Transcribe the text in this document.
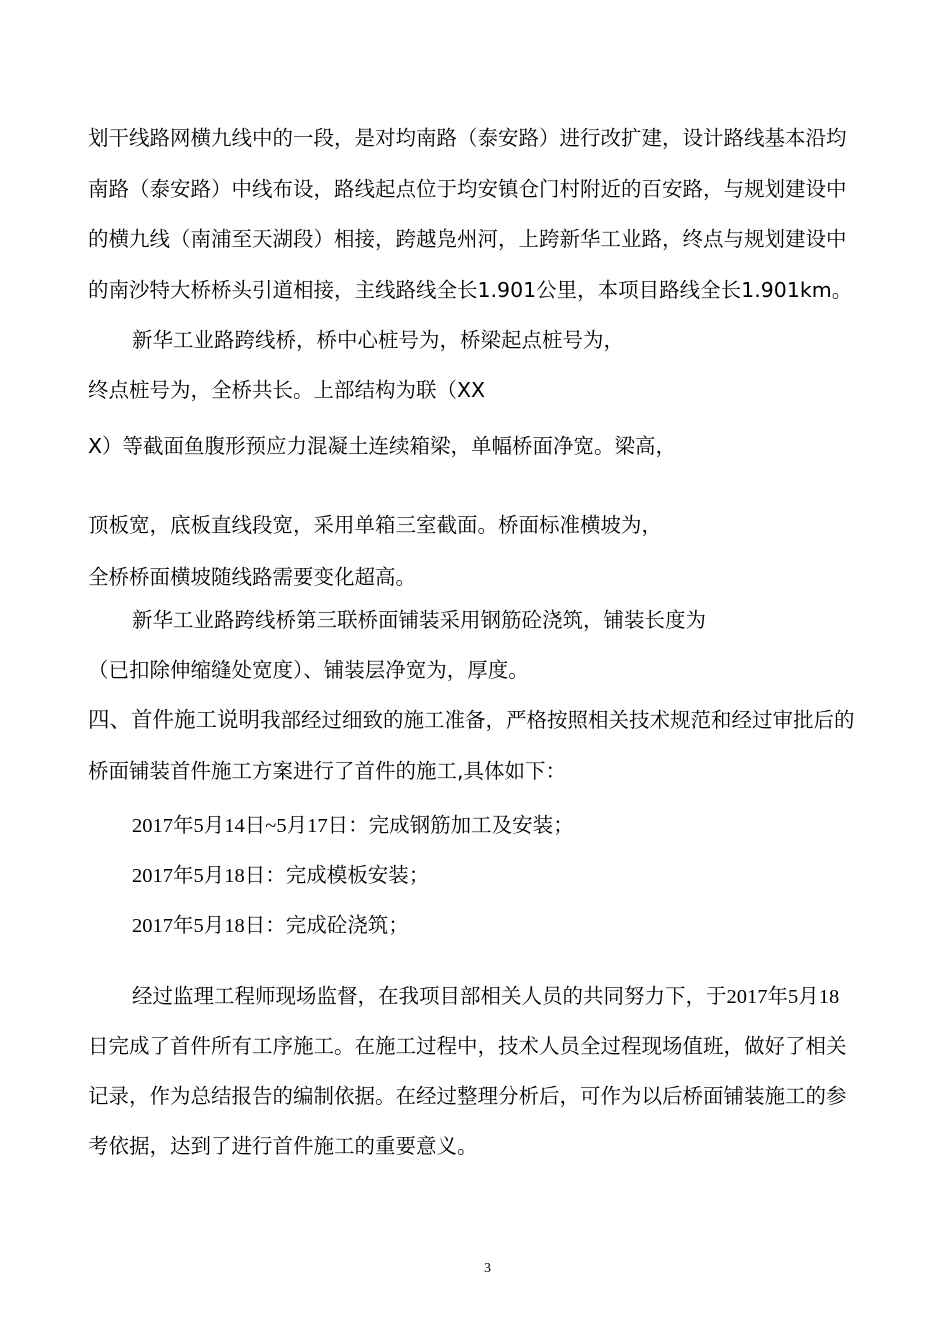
划干线路网横九线中的一段，是对均南路（泰安路）进行改扩建，设计路线基本沿均
南路（泰安路）中线布设，路线起点位于均安镇仓门村附近的百安路，与规划建设中
的横九线（南浦至天湖段）相接，跨越凫州河，上跨新华工业路，终点与规划建设中
的南沙特大桥桥头引道相接，主线路线全长1.901公里，本项目路线全长1.901km。
新华工业路跨线桥，桥中心桩号为，桥梁起点桩号为，
终点桩号为，全桥共长。上部结构为联（XX
X）等截面鱼腹形预应力混凝土连续箱梁，单幅桥面净宽。梁高，
顶板宽，底板直线段宽，采用单箱三室截面。桥面标准横坡为，
全桥桥面横坡随线路需要变化超高。
新华工业路跨线桥第三联桥面铺装采用钢筋砼浇筑，铺装长度为
（已扣除伸缩缝处宽度）、铺装层净宽为，厚度。
四、首件施工说明我部经过细致的施工准备，严格按照相关技术规范和经过审批后的
桥面铺装首件施工方案进行了首件的施工,具体如下：
2017年5月14日~5月17日：完成钢筋加工及安装；
2017年5月18日：完成模板安装；
2017年5月18日：完成砼浇筑；
经过监理工程师现场监督，在我项目部相关人员的共同努力下，于2017年5月18
日完成了首件所有工序施工。在施工过程中，技术人员全过程现场值班，做好了相关
记录，作为总结报告的编制依据。在经过整理分析后，可作为以后桥面铺装施工的参
考依据，达到了进行首件施工的重要意义。
3
